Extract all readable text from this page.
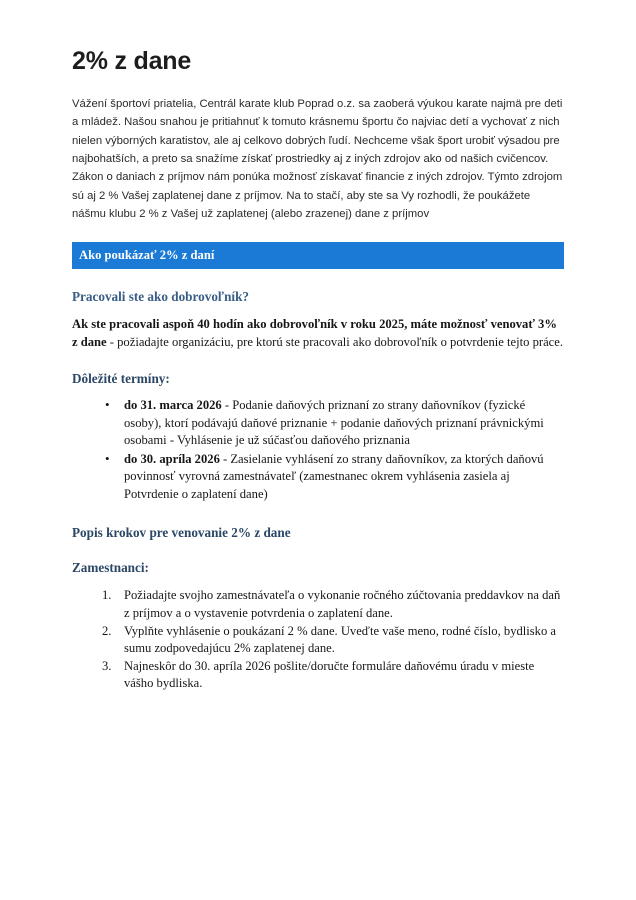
2% z dane

Vážení športoví priatelia, Centrál karate klub Poprad o.z. sa zaoberá výukou karate najmä pre deti a mládež. Našou snahou je pritiahnuť k tomuto krásnemu športu čo najviac detí a vychovať z nich nielen výborných karatistov, ale aj celkovo dobrých ľudí. Nechceme však šport urobiť výsadou pre najbohatších, a preto sa snažíme získať prostriedky aj z iných zdrojov ako od našich cvičencov. Zákon o daniach z príjmov nám ponúka možnosť získavať financie z iných zdrojov. Týmto zdrojom sú aj 2 % Vašej zaplatenej dane z príjmov. Na to stačí, aby ste sa Vy rozhodli, že poukážete nášmu klubu 2 % z Vašej už zaplatenej (alebo zrazenej) dane z príjmov

Ako poukázať 2% z daní
Pracovali ste ako dobrovoľník?

Ak ste pracovali aspoň 40 hodín ako dobrovoľník v roku 2025, máte možnosť venovať 3% z dane - požiadajte organizáciu, pre ktorú ste pracovali ako dobrovoľník o potvrdenie tejto práce.

Dôležité termíny:
• do 31. marca 2026 - Podanie daňových priznaní zo strany daňovníkov (fyzické osoby), ktorí podávajú daňové priznanie + podanie daňových priznaní právnickými osobami - Vyhlásenie je už súčasťou daňového priznania
• do 30. apríla 2026 - Zasielanie vyhlásení zo strany daňovníkov, za ktorých daňovú povinnosť vyrovná zamestnávateľ (zamestnanec okrem vyhlásenia zasiela aj Potvrdenie o zaplatení dane)
Popis krokov pre venovanie 2% z dane
Zamestnanci:
Požiadajte svojho zamestnávateľa o vykonanie ročného zúčtovania preddavkov na daň z príjmov a o vystavenie potvrdenia o zaplatení dane.
Vyplňte vyhlásenie o poukázaní 2 % dane. Uveďte vaše meno, rodné číslo, bydlisko a sumu zodpovedajúcu 2% zaplatenej dane.
Najneskôr do 30. apríla 2026 pošlite/doručte formuláre daňovému úradu v mieste vášho bydliska.
